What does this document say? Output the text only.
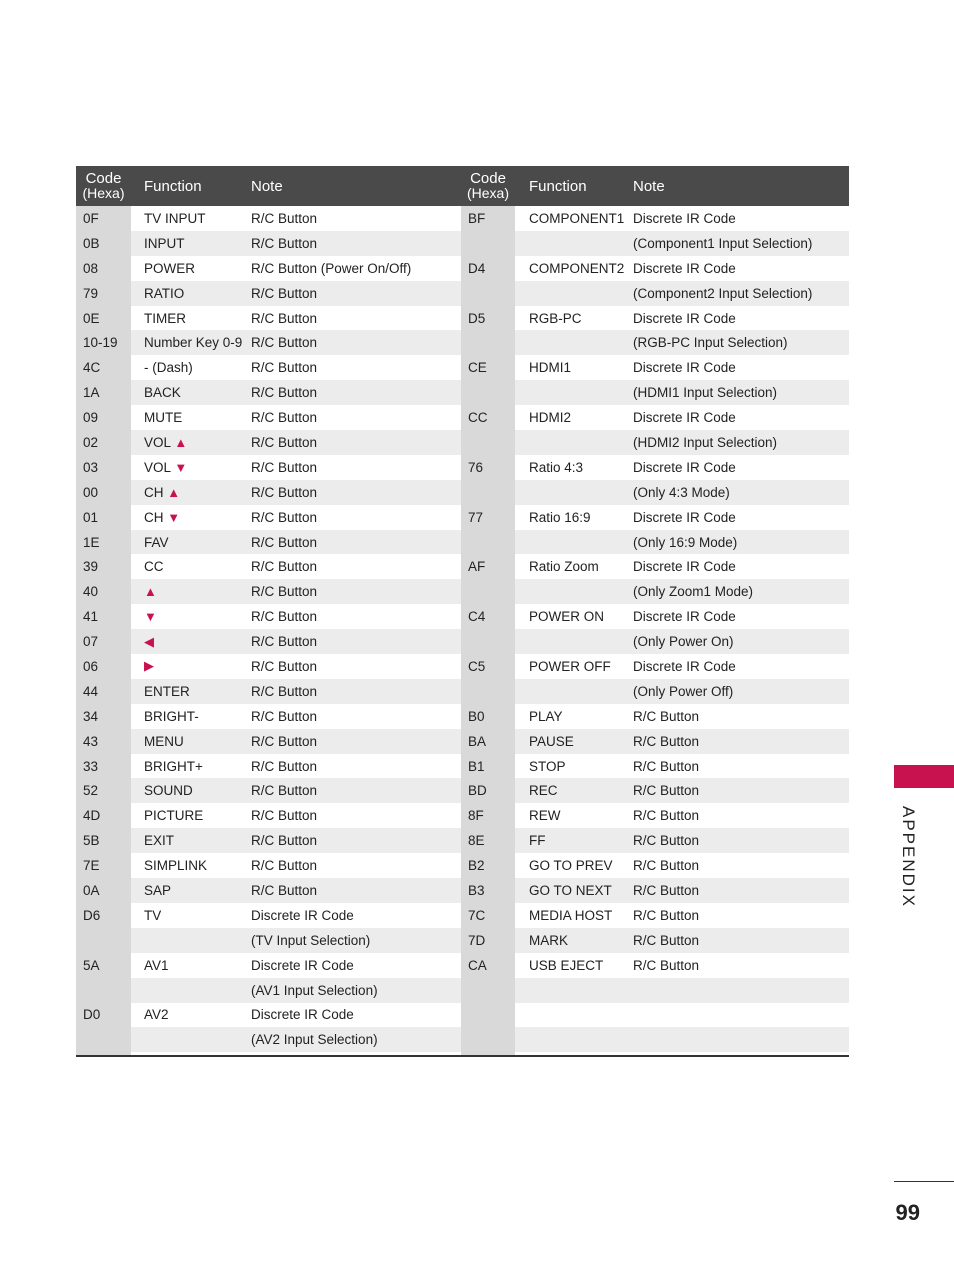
Code
(Hexa)	Function	Note
0F	TV INPUT	R/C Button
0B	INPUT	R/C Button
08	POWER	R/C Button (Power On/Off)
79	RATIO	R/C Button
0E	TIMER	R/C Button
10-19	Number Key 0-9	R/C Button
4C	- (Dash)	R/C Button
1A	BACK	R/C Button
09	MUTE	R/C Button
02	VOL ▲	R/C Button
03	VOL ▼	R/C Button
00	CH ▲	R/C Button
01	CH ▼	R/C Button
1E	FAV	R/C Button
39	CC	R/C Button
40	▲	R/C Button
41	▼	R/C Button
07	◀	R/C Button
06	▶	R/C Button
44	ENTER	R/C Button
34	BRIGHT-	R/C Button
43	MENU	R/C Button
33	BRIGHT+	R/C Button
52	SOUND	R/C Button
4D	PICTURE	R/C Button
5B	EXIT	R/C Button
7E	SIMPLINK	R/C Button
0A	SAP	R/C Button
D6	TV	Discrete IR Code
		(TV Input Selection)
5A	AV1	Discrete IR Code
		(AV1 Input Selection)
D0	AV2	Discrete IR Code
		(AV2 Input Selection)

Code
(Hexa)	Function	Note
BF	COMPONENT1	Discrete IR Code
		(Component1 Input Selection)
D4	COMPONENT2	Discrete IR Code
		(Component2 Input Selection)
D5	RGB-PC	Discrete IR Code
		(RGB-PC Input Selection)
CE	HDMI1	Discrete IR Code
		(HDMI1 Input Selection)
CC	HDMI2	Discrete IR Code
		(HDMI2 Input Selection)
76	Ratio 4:3	Discrete IR Code
		(Only 4:3 Mode)
77	Ratio 16:9	Discrete IR Code
		(Only 16:9 Mode)
AF	Ratio Zoom	Discrete IR Code
		(Only Zoom1 Mode)
C4	POWER ON	Discrete IR Code
		(Only Power On)
C5	POWER OFF	Discrete IR Code
		(Only Power Off)
B0	PLAY	R/C Button
BA	PAUSE	R/C Button
B1	STOP	R/C Button
BD	REC	R/C Button
8F	REW	R/C Button
8E	FF	R/C Button
B2	GO TO PREV	R/C Button
B3	GO TO NEXT	R/C Button
7C	MEDIA HOST	R/C Button
7D	MARK	R/C Button
CA	USB EJECT	R/C Button

APPENDIX
99
